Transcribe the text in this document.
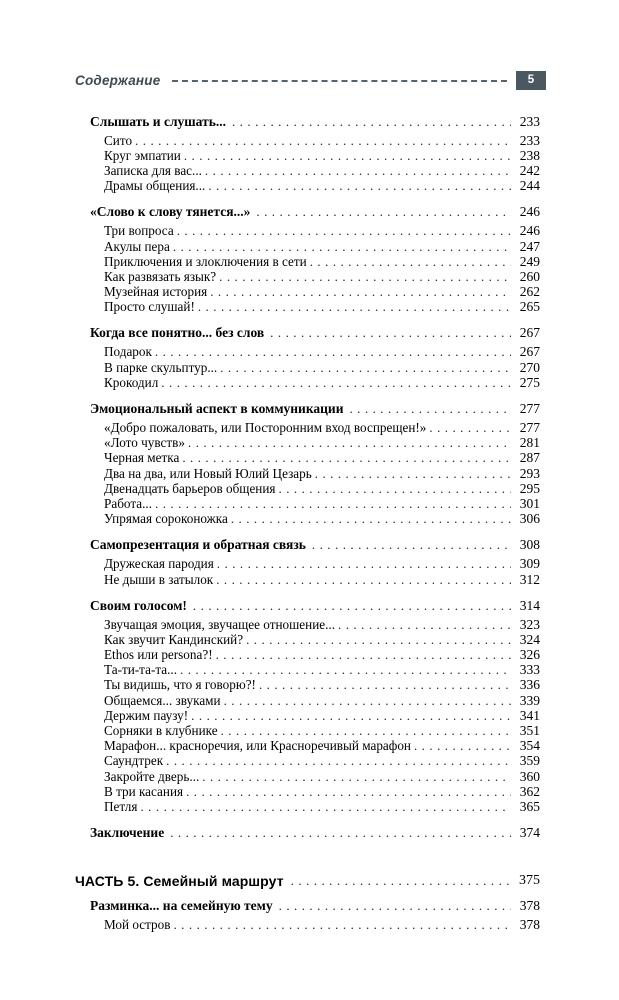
Содержание	5
Слышать и слушать... . . .	233
Сито . . .	233
Круг эмпатии . . .	238
Записка для вас... . . .	242
Драмы общения... . . .	244
«Слово к слову тянется...» . . .	246
Три вопроса . . .	246
Акулы пера . . .	247
Приключения и злоключения в сети . . .	249
Как развязать язык? . . .	260
Музейная история . . .	262
Просто слушай! . . .	265
Когда все понятно... без слов . . .	267
Подарок . . .	267
В парке скульптур... . . .	270
Крокодил . . .	275
Эмоциональный аспект в коммуникации . . .	277
«Добро пожаловать, или Посторонним вход воспрещен!» . . .	277
«Лото чувств» . . .	281
Черная метка . . .	287
Два на два, или Новый Юлий Цезарь . . .	293
Двенадцать барьеров общения . . .	295
Работа... . . .	301
Упрямая сороконожка . . .	306
Самопрезентация и обратная связь . . .	308
Дружеская пародия . . .	309
Не дыши в затылок . . .	312
Своим голосом! . . .	314
Звучащая эмоция, звучащее отношение... . . .	323
Как звучит Кандинский? . . .	324
Ethos или persona?! . . .	326
Та-ти-та-та... . . .	333
Ты видишь, что я говорю?! . . .	336
Общаемся... звуками . . .	339
Держим паузу! . . .	341
Сорняки в клубнике . . .	351
Марафон... красноречия, или Красноречивый марафон . . .	354
Саундтрек . . .	359
Закройте дверь... . . .	360
В три касания . . .	362
Петля . . .	365
Заключение . . .	374
ЧАСТЬ 5. Семейный маршрут . . .	375
Разминка... на семейную тему . . .	378
Мой остров . . .	378
